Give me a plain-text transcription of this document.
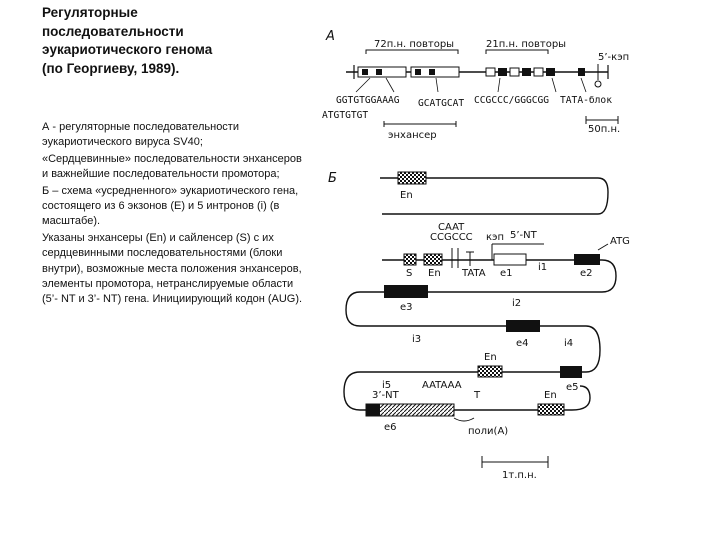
Регуляторные
последовательности
эукариотического генома
(по Георгиеву, 1989).

А - регуляторные последовательности эукариотического вируса SV40;

«Сердцевинные» последовательности энхансеров и важнейшие последовательности промотора;

Б – схема «усредненного» эукариотического гена, состоящего из 6 экзонов (Е) и 5 интронов (i) (в масштабе).

Указаны энхансеры (En) и сайленсер (S) с их сердцевинными последовательностями (блоки внутри), возможные места положения энхансеров, элементы промотора, нетранслируемые области (5’- NT и 3’- NT) гена. Инициирующий кодон (AUG).

А
72п.н. повторы	21п.н. повторы
5’-кэп
GGTGTGGAAAG GCATGCAT CCGCCC/GGGCGG TATA-блок
ATGTGTGT
энхансер
50п.н.
Б
En
CAAT
CCGCCC кэп 5’-NT
S En TATA e1
i1
ATG
e2
i2
e3
i3	e4	i4
En
e5
i5
3’-NT
AATAAA
e6
T
поли(А)
En
1т.п.н.
